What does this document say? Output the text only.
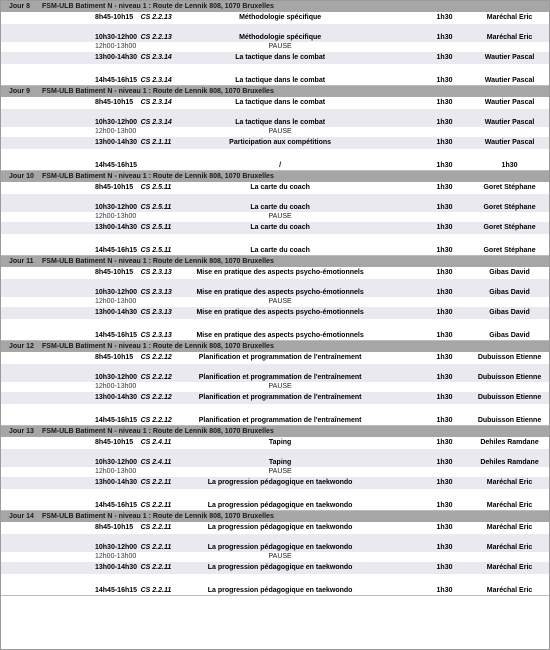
Jour 8	FSM-ULB Batiment N - niveau 1 : Route de Lennik 808, 1070 Bruxelles
8h45-10h15	CS 2.2.13	Méthodologie spécifique	1h30	Maréchal Eric
10h30-12h00 CS 2.2.13	Méthodologie spécifique	1h30	Maréchal Eric
12h00-13h00	PAUSE
13h00-14h30 CS 2.3.14	La tactique dans le combat	1h30	Wautier Pascal
14h45-16h15 CS 2.3.14	La tactique dans le combat	1h30	Wautier Pascal
Jour 9	FSM-ULB Batiment N - niveau 1 : Route de Lennik 808, 1070 Bruxelles
8h45-10h15	CS 2.3.14	La tactique dans le combat	1h30	Wautier Pascal
10h30-12h00 CS 2.3.14	La tactique dans le combat	1h30	Wautier Pascal
12h00-13h00	PAUSE
13h00-14h30 CS 2.1.11	Participation aux compétitions	1h30	Wautier Pascal
14h45-16h15	/	1h30	1h30
Jour 10	FSM-ULB Batiment N - niveau 1 : Route de Lennik 808, 1070 Bruxelles
8h45-10h15	CS 2.5.11	La carte du coach	1h30	Goret Stéphane
10h30-12h00 CS 2.5.11	La carte du coach	1h30	Goret Stéphane
12h00-13h00	PAUSE
13h00-14h30 CS 2.5.11	La carte du coach	1h30	Goret Stéphane
14h45-16h15 CS 2.5.11	La carte du coach	1h30	Goret Stéphane
Jour 11	FSM-ULB Batiment N - niveau 1 : Route de Lennik 808, 1070 Bruxelles
8h45-10h15	CS 2.3.13	Mise en pratique des aspects psycho-émotionnels	1h30	Gibas David
10h30-12h00 CS 2.3.13	Mise en pratique des aspects psycho-émotionnels	1h30	Gibas David
12h00-13h00	PAUSE
13h00-14h30 CS 2.3.13	Mise en pratique des aspects psycho-émotionnels	1h30	Gibas David
14h45-16h15 CS 2.3.13	Mise en pratique des aspects psycho-émotionnels	1h30	Gibas David
Jour 12	FSM-ULB Batiment N - niveau 1 : Route de Lennik 808, 1070 Bruxelles
8h45-10h15	CS 2.2.12	Planification et programmation de l'entraînement	1h30	Dubuisson Etienne
10h30-12h00 CS 2.2.12	Planification et programmation de l'entraînement	1h30	Dubuisson Etienne
12h00-13h00	PAUSE
13h00-14h30 CS 2.2.12	Planification et programmation de l'entraînement	1h30	Dubuisson Etienne
14h45-16h15 CS 2.2.12	Planification et programmation de l'entraînement	1h30	Dubuisson Etienne
Jour 13	FSM-ULB Batiment N - niveau 1 : Route de Lennik 808, 1070 Bruxelles
8h45-10h15	CS 2.4.11	Taping	1h30	Dehiles Ramdane
10h30-12h00 CS 2.4.11	Taping	1h30	Dehiles Ramdane
12h00-13h00	PAUSE
13h00-14h30 CS 2.2.11	La progression pédagogique en taekwondo	1h30	Maréchal Eric
14h45-16h15 CS 2.2.11	La progression pédagogique en taekwondo	1h30	Maréchal Eric
Jour 14	FSM-ULB Batiment N - niveau 1 : Route de Lennik 808, 1070 Bruxelles
8h45-10h15	CS 2.2.11	La progression pédagogique en taekwondo	1h30	Maréchal Eric
10h30-12h00 CS 2.2.11	La progression pédagogique en taekwondo	1h30	Maréchal Eric
12h00-13h00	PAUSE
13h00-14h30 CS 2.2.11	La progression pédagogique en taekwondo	1h30	Maréchal Eric
14h45-16h15 CS 2.2.11	La progression pédagogique en taekwondo	1h30	Maréchal Eric
